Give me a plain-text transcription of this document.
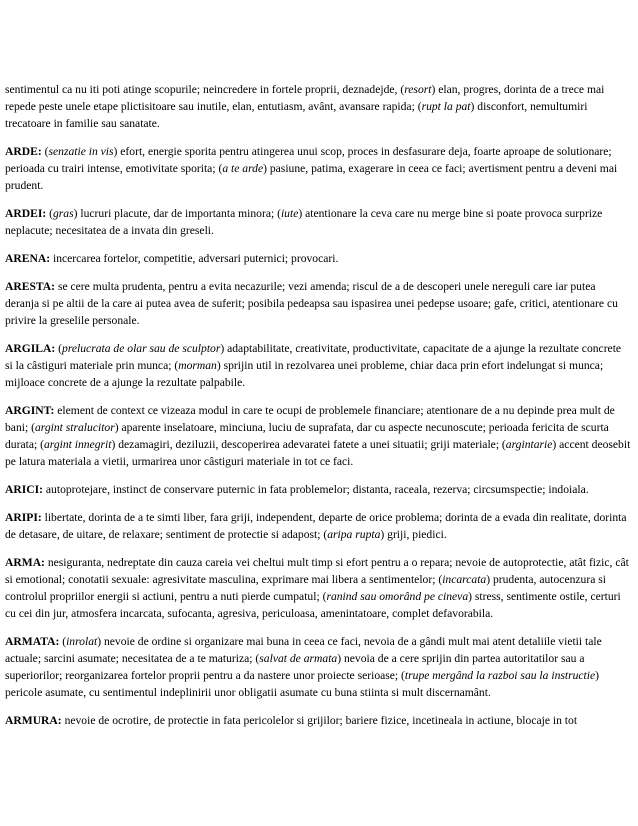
sentimentul ca nu iti poti atinge scopurile; neincredere in fortele proprii, deznadejde, (resort) elan, progres, dorinta de a trece mai repede peste unele etape plictisitoare sau inutile, elan, entutiasm, avânt, avansare rapida; (rupt la pat) disconfort, nemultumiri trecatoare in familie sau sanatate.

ARDE: (senzatie in vis) efort, energie sporita pentru atingerea unui scop, proces in desfasurare deja, foarte aproape de solutionare; perioada cu trairi intense, emotivitate sporita; (a te arde) pasiune, patima, exagerare in ceea ce faci; avertisment pentru a deveni mai prudent.

ARDEI: (gras) lucruri placute, dar de importanta minora; (iute) atentionare la ceva care nu merge bine si poate provoca surprize neplacute; necesitatea de a invata din greseli.

ARENA: incercarea fortelor, competitie, adversari puternici; provocari.

ARESTA: se cere multa prudenta, pentru a evita necazurile; vezi amenda; riscul de a de descoperi unele nereguli care iar putea deranja si pe altii de la care ai putea avea de suferit; posibila pedeapsa sau ispasirea unei pedepse usoare; gafe, critici, atentionare cu privire la greselile personale.

ARGILA: (prelucrata de olar sau de sculptor) adaptabilitate, creativitate, productivitate, capacitate de a ajunge la rezultate concrete si la câstiguri materiale prin munca; (morman) sprijin util in rezolvarea unei probleme, chiar daca prin efort indelungat si munca; mijloace concrete de a ajunge la rezultate palpabile.

ARGINT: element de context ce vizeaza modul in care te ocupi de problemele financiare; atentionare de a nu depinde prea mult de bani; (argint stralucitor) aparente inselatoare, minciuna, luciu de suprafata, dar cu aspecte necunoscute; perioada fericita de scurta durata; (argint innegrit) dezamagiri, deziluzii, descoperirea adevaratei fatete a unei situatii; griji materiale; (argintarie) accent deosebit pe latura materiala a vietii, urmarirea unor câstiguri materiale in tot ce faci.

ARICI: autoprotejare, instinct de conservare puternic in fata problemelor; distanta, raceala, rezerva; circsumspectie; indoiala.

ARIPI: libertate, dorinta de a te simti liber, fara griji, independent, departe de orice problema; dorinta de a evada din realitate, dorinta de detasare, de uitare, de relaxare; sentiment de protectie si adapost; (aripa rupta) griji, piedici.

ARMA: nesiguranta, nedreptate din cauza careia vei cheltui mult timp si efort pentru a o repara; nevoie de autoprotectie, atât fizic, cât si emotional; conotatii sexuale: agresivitate masculina, exprimare mai libera a sentimentelor; (incarcata) prudenta, autocenzura si controlul propriilor energii si actiuni, pentru a nuti pierde cumpatul; (ranind sau omorând pe cineva) stress, sentimente ostile, certuri cu cei din jur, atmosfera incarcata, sufocanta, agresiva, periculoasa, amenintatoare, complet defavorabila.

ARMATA: (inrolat) nevoie de ordine si organizare mai buna in ceea ce faci, nevoia de a gândi mult mai atent detaliile vietii tale actuale; sarcini asumate; necesitatea de a te maturiza; (salvat de armata) nevoia de a cere sprijin din partea autoritatilor sau a superiorilor; reorganizarea fortelor proprii pentru a da nastere unor proiecte serioase; (trupe mergând la razboi sau la instructie) pericole asumate, cu sentimentul indeplinirii unor obligatii asumate cu buna stiinta si mult discernamânt.

ARMURA: nevoie de ocrotire, de protectie in fata pericolelor si grijilor; bariere fizice, incetineala in actiune, blocaje in tot
